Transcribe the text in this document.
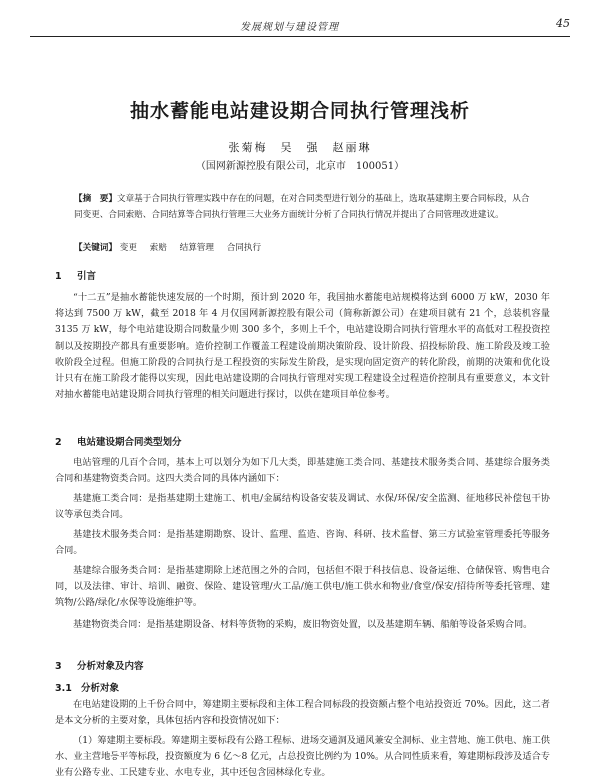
发展规划与建设管理	45
抽水蓄能电站建设期合同执行管理浅析
张菊梅　吴　强　赵丽琳
（国网新源控股有限公司，北京市　100051）

【摘　要】文章基于合同执行管理实践中存在的问题，在对合同类型进行划分的基础上，选取基建期主要合同标段，从合同变更、合同索赔、合同结算等合同执行管理三大业务方面统计分析了合同执行情况并提出了合同管理改进建议。

【关键词】 变更 索赔 结算管理 合同执行
1 引言

“十二五”是抽水蓄能快速发展的一个时期，预计到 2020 年，我国抽水蓄能电站规模将达到 6000 万 kW，2030 年将达到 7500 万 kW，截至 2018 年 4 月仅国网新源控股有限公司（简称新源公司）在建项目就有 21 个，总装机容量 3135 万 kW，每个电站建设期合同数量少则 300 多个，多则上千个，电站建设期合同执行管理水平的高低对工程投资控制以及按期投产都具有重要影响。造价控制工作覆盖工程建设前期决策阶段、设计阶段、招投标阶段、施工阶段及竣工验收阶段全过程。但施工阶段的合同执行是工程投资的实际发生阶段，是实现向固定资产的转化阶段，前期的决策和优化设计只有在施工阶段才能得以实现，因此电站建设期的合同执行管理对实现工程建设全过程造价控制具有重要意义，本文针对抽水蓄能电站建设期合同执行管理的相关问题进行探讨，以供在建项目单位参考。

2 电站建设期合同类型划分

电站管理的几百个合同，基本上可以划分为如下几大类，即基建施工类合同、基建技术服务类合同、基建综合服务类合同和基建物资类合同。这四大类合同的具体内涵如下：

基建施工类合同：是指基建期土建施工、机电/金属结构设备安装及调试、水保/环保/安全监测、征地移民补偿包干协议等承包类合同。

基建技术服务类合同：是指基建期勘察、设计、监理、监造、咨询、科研、技术监督、第三方试验室管理委托等服务合同。

基建综合服务类合同：是指基建期除上述范围之外的合同，包括但不限于科技信息、设备运维、仓储保管、购售电合同，以及法律、审计、培训、融资、保险、建设管理/火工品/施工供电/施工供水和物业/食堂/保安/招待所等委托管理、建筑物/公路/绿化/水保等设施维护等。

基建物资类合同：是指基建期设备、材料等货物的采购，废旧物资处置，以及基建期车辆、船舶等设备采购合同。

3 分析对象及内容
3.1 分析对象

在电站建设期的上千份合同中，筹建期主要标段和主体工程合同标段的投资额占整个电站投资近 70%。因此，这二者是本文分析的主要对象，具体包括内容和投资情况如下：

（1）筹建期主要标段。筹建期主要标段有公路工程标、进场交通洞及通风兼安全洞标、业主营地、施工供电、施工供水、业主营地등平等标段，投资额度为 6 亿～8 亿元，占总投资比例约为 10%。从合同性质来看，筹建期标段涉及适合专业有公路专业、工民建专业、水电专业，其中还包含园林绿化专业。
